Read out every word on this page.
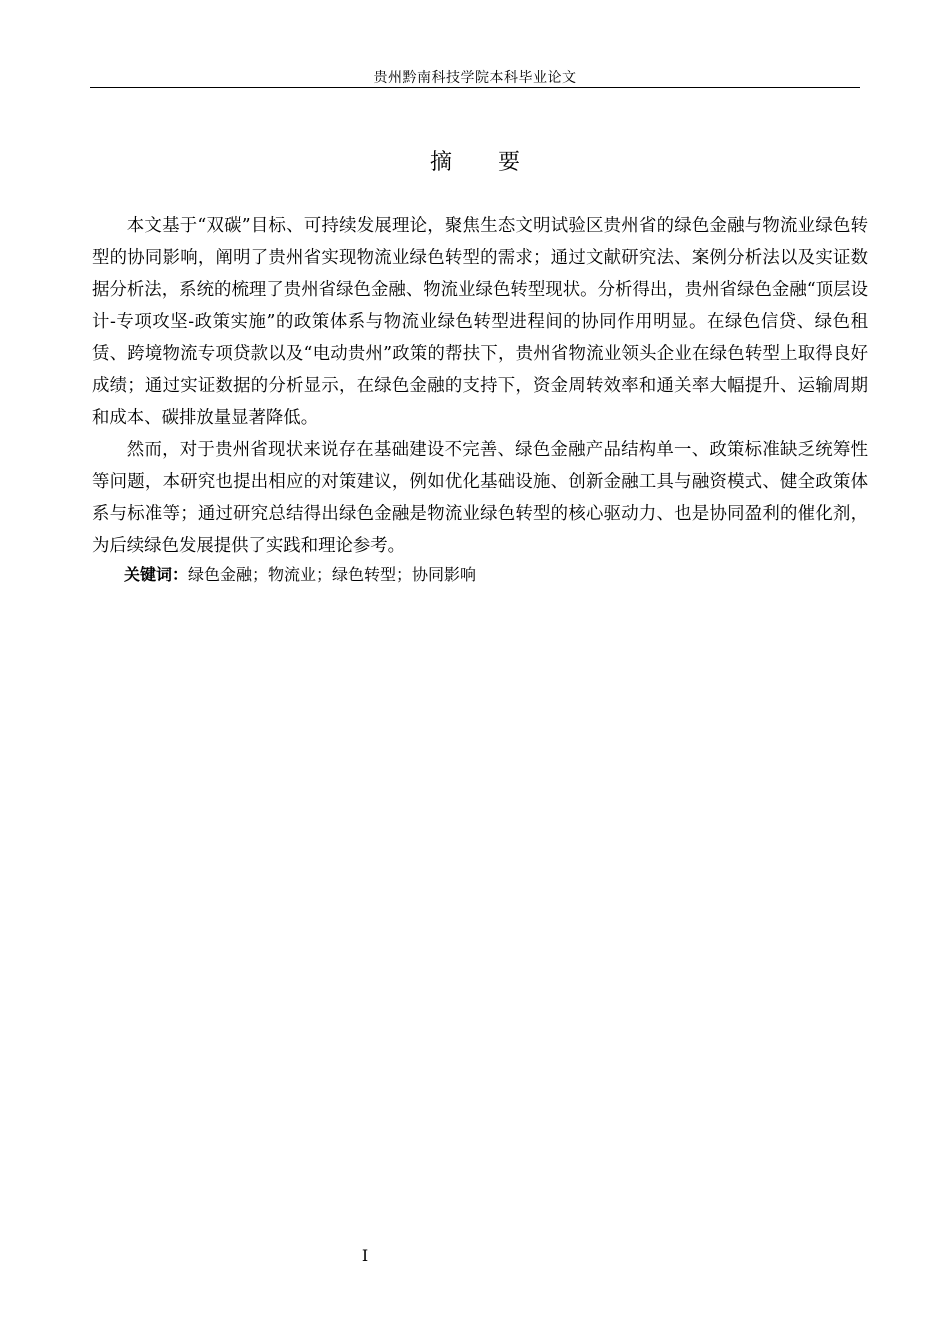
贵州黔南科技学院本科毕业论文
摘要

本文基于“双碳”目标、可持续发展理论，聚焦生态文明试验区贵州省的绿色金融与物流业绿色转型的协同影响，阐明了贵州省实现物流业绿色转型的需求；通过文献研究法、案例分析法以及实证数据分析法，系统的梳理了贵州省绿色金融、物流业绿色转型现状。分析得出，贵州省绿色金融“顶层设计-专项攻坚-政策实施”的政策体系与物流业绿色转型进程间的协同作用明显。在绿色信贷、绿色租赁、跨境物流专项贷款以及“电动贵州”政策的帮扶下，贵州省物流业领头企业在绿色转型上取得良好成绩；通过实证数据的分析显示，在绿色金融的支持下，资金周转效率和通关率大幅提升、运输周期和成本、碳排放量显著降低。

然而，对于贵州省现状来说存在基础建设不完善、绿色金融产品结构单一、政策标准缺乏统筹性等问题，本研究也提出相应的对策建议，例如优化基础设施、创新金融工具与融资模式、健全政策体系与标准等；通过研究总结得出绿色金融是物流业绿色转型的核心驱动力、也是协同盈利的催化剂，为后续绿色发展提供了实践和理论参考。

关键词：绿色金融；物流业；绿色转型；协同影响

I
